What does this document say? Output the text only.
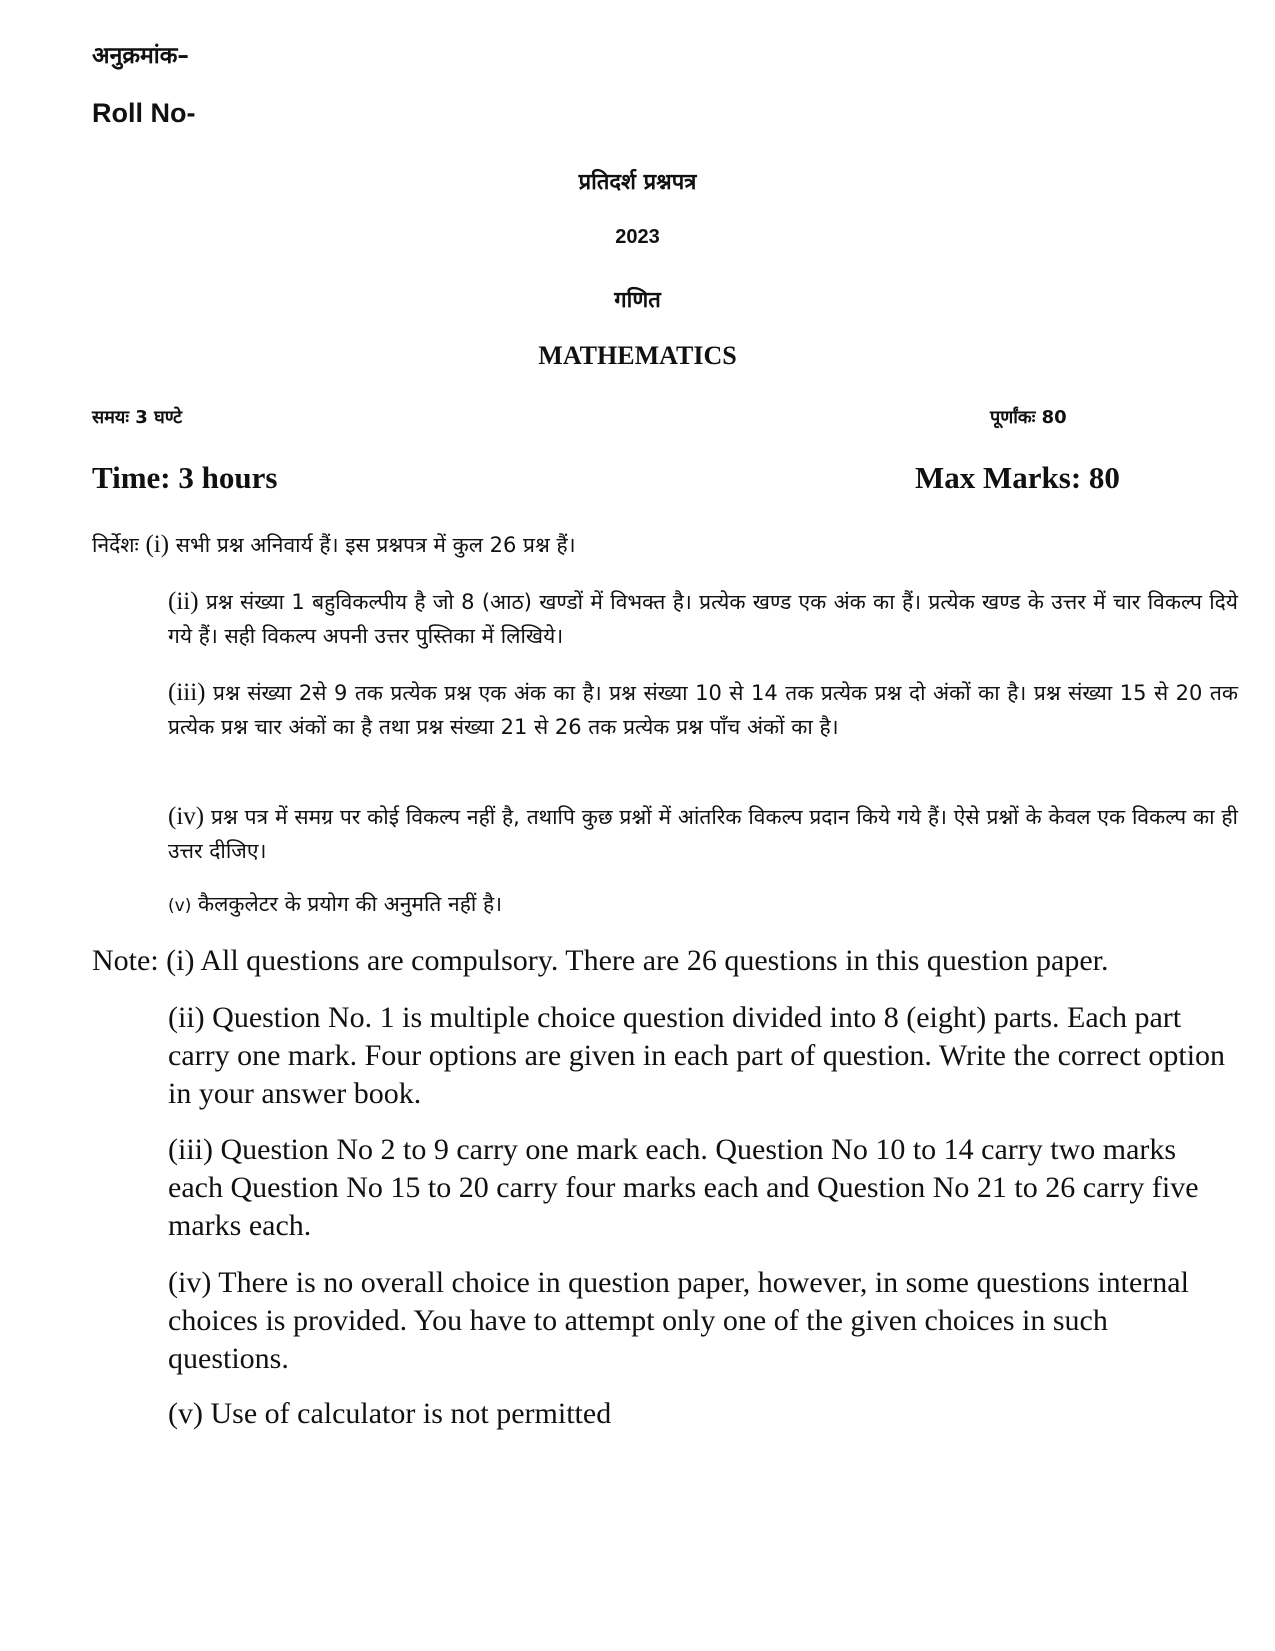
अनुक्रमांक–
Roll No-
प्रतिदर्श प्रश्नपत्र
2023
गणित
MATHEMATICS
समयः 3 घण्टे	पूर्णांकः 80
Time: 3 hours	Max Marks: 80
निर्देशः (i) सभी प्रश्न अनिवार्य हैं। इस प्रश्नपत्र में कुल 26 प्रश्न हैं।
(ii) प्रश्न संख्या 1 बहुविकल्पीय है जो 8 (आठ) खण्डों में विभक्त है। प्रत्येक खण्ड एक अंक का हैं। प्रत्येक खण्ड के उत्तर में चार विकल्प दिये गये हैं। सही विकल्प अपनी उत्तर पुस्तिका में लिखिये।
(iii) प्रश्न संख्या 2से 9 तक प्रत्येक प्रश्न एक अंक का है। प्रश्न संख्या 10 से 14 तक प्रत्येक प्रश्न दो अंकों का है। प्रश्न संख्या 15 से 20 तक प्रत्येक प्रश्न चार अंकों का है तथा प्रश्न संख्या 21 से 26 तक प्रत्येक प्रश्न पाँच अंकों का है।
(iv) प्रश्न पत्र में समग्र पर कोई विकल्प नहीं है, तथापि कुछ प्रश्नों में आंतरिक विकल्प प्रदान किये गये हैं। ऐसे प्रश्नों के केवल एक विकल्प का ही उत्तर दीजिए।
(v) कैलकुलेटर के प्रयोग की अनुमति नहीं है।
Note: (i) All questions are compulsory. There are 26 questions in this question paper.
(ii) Question No. 1 is multiple choice question divided into 8 (eight) parts. Each part carry one mark. Four options are given in each part of question. Write the correct option in your answer book.
(iii) Question No 2 to 9 carry one mark each. Question No 10 to 14 carry two marks each Question No 15 to 20 carry four marks each and Question No 21 to 26 carry five marks each.
(iv) There is no overall choice in question paper, however, in some questions internal choices is provided. You have to attempt only one of the given choices in such questions.
(v) Use of calculator is not permitted
